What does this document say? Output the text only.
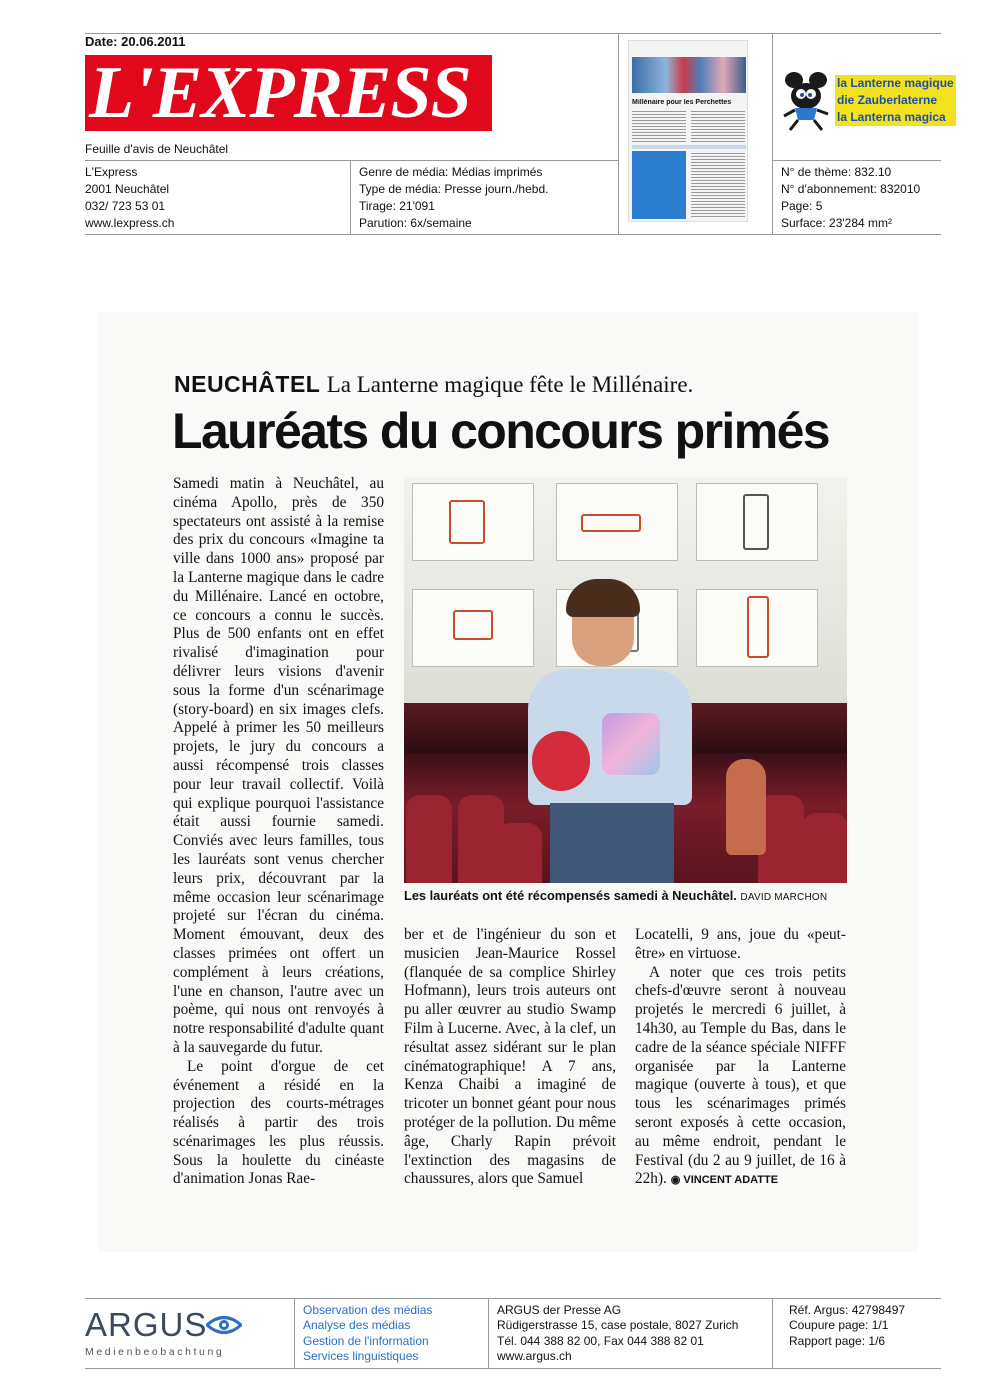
Date: 20.06.2011
L'EXPRESS
Feuille d'avis de Neuchâtel
L'Express
2001 Neuchâtel
032/ 723 53 01
www.lexpress.ch
Genre de média: Médias imprimés
Type de média: Presse journ./hebd.
Tirage: 21'091
Parution: 6x/semaine
N° de thème: 832.10
N° d'abonnement: 832010
Page: 5
Surface: 23'284 mm²
Millénaire pour les Perchettes
la Lanterne magique
die Zauberlaterne
la Lanterna magica
NEUCHÂTEL La Lanterne magique fête le Millénaire.
Lauréats du concours primés

Samedi matin à Neuchâtel, au cinéma Apollo, près de 350 spectateurs ont assisté à la remise des prix du concours «Imagine ta ville dans 1000 ans» proposé par la Lanterne magique dans le cadre du Millénaire. Lancé en octobre, ce concours a connu le succès. Plus de 500 enfants ont en effet rivalisé d'imagination pour délivrer leurs visions d'avenir sous la forme d'un scénarimage (story-board) en six images clefs. Appelé à primer les 50 meilleurs projets, le jury du concours a aussi récompensé trois classes pour leur travail collectif. Voilà qui explique pourquoi l'assistance était aussi fournie samedi. Conviés avec leurs familles, tous les lauréats sont venus chercher leurs prix, découvrant par la même occasion leur scénarimage projeté sur l'écran du cinéma. Moment émouvant, deux des classes primées ont offert un complément à leurs créations, l'une en chanson, l'autre avec un poème, qui nous ont renvoyés à notre responsabilité d'adulte quant à la sauvegarde du futur.

Le point d'orgue de cet événement a résidé en la projection des courts-métrages réalisés à partir des trois scénarimages les plus réussis. Sous la houlette du cinéaste d'animation Jonas Rae-

Les lauréats ont été récompensés samedi à Neuchâtel. DAVID MARCHON

ber et de l'ingénieur du son et musicien Jean-Maurice Rossel (flanquée de sa complice Shirley Hofmann), leurs trois auteurs ont pu aller œuvrer au studio Swamp Film à Lucerne. Avec, à la clef, un résultat assez sidérant sur le plan cinématographique! A 7 ans, Kenza Chaibi a imaginé de tricoter un bonnet géant pour nous protéger de la pollution. Du même âge, Charly Rapin prévoit l'extinction des magasins de chaussures, alors que Samuel

Locatelli, 9 ans, joue du «peut-être» en virtuose.

A noter que ces trois petits chefs-d'œuvre seront à nouveau projetés le mercredi 6 juillet, à 14h30, au Temple du Bas, dans le cadre de la séance spéciale NIFFF organisée par la Lanterne magique (ouverte à tous), et que tous les scénarimages primés seront exposés à cette occasion, au même endroit, pendant le Festival (du 2 au 9 juillet, de 16 à 22h). ◉ VINCENT ADATTE

ARGUS
Medienbeobachtung
Observation des médias
Analyse des médias
Gestion de l'information
Services linguistiques
ARGUS der Presse AG
Rüdigerstrasse 15, case postale, 8027 Zurich
Tél. 044 388 82 00, Fax 044 388 82 01
www.argus.ch
Réf. Argus: 42798497
Coupure page: 1/1
Rapport page: 1/6
